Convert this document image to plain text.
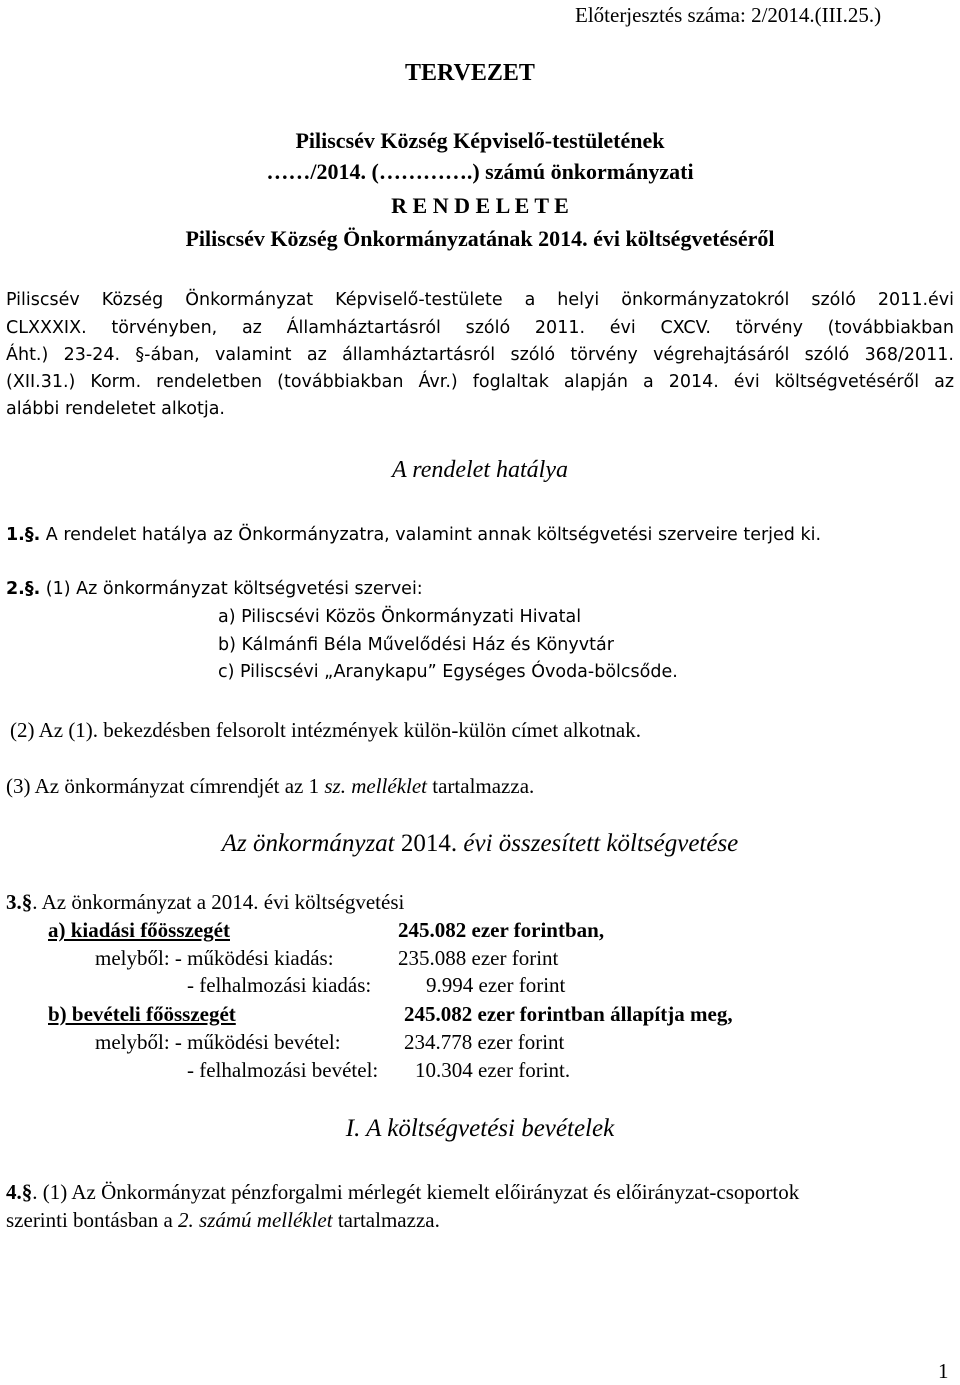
Előterjesztés száma: 2/2014.(III.25.)
TERVEZET
Piliscsév Község Képviselő-testületének
……/2014. (………….) számú önkormányzati
R E N D E L E T E
Piliscsév Község Önkormányzatának 2014. évi költségvetéséről
Piliscsév Község Önkormányzat Képviselő-testülete a helyi önkormányzatokról szóló 2011.évi
CLXXXIX. törvényben, az Államháztartásról szóló 2011. évi CXCV. törvény (továbbiakban
Áht.) 23-24. §-ában, valamint az államháztartásról szóló törvény végrehajtásáról szóló 368/2011.
(XII.31.) Korm. rendeletben (továbbiakban Ávr.) foglaltak alapján a 2014. évi költségvetéséről az
alábbi rendeletet alkotja.
A rendelet hatálya
1.§. A rendelet hatálya az Önkormányzatra, valamint annak költségvetési szerveire terjed ki.
2.§. (1) Az önkormányzat költségvetési szervei:
a) Piliscsévi Közös Önkormányzati Hivatal
b) Kálmánfi Béla Művelődési Ház és Könyvtár
c) Piliscsévi „Aranykapu” Egységes Óvoda-bölcsőde.
(2) Az (1). bekezdésben felsorolt intézmények külön-külön címet alkotnak.
(3) Az önkormányzat címrendjét az 1 sz. melléklet tartalmazza.
Az önkormányzat 2014. évi összesített költségvetése
3.§. Az önkormányzat a 2014. évi költségvetési
a) kiadási főösszegét	245.082 ezer forintban,
melyből: - működési kiadás:	235.088 ezer forint
- felhalmozási kiadás:	9.994 ezer forint
b) bevételi főösszegét	245.082 ezer forintban állapítja meg,
melyből: - működési bevétel:	234.778 ezer forint
- felhalmozási bevétel: 10.304 ezer forint.
I. A költségvetési bevételek
4.§. (1) Az Önkormányzat pénzforgalmi mérlegét kiemelt előirányzat és előirányzat-csoportok
szerinti bontásban a 2. számú melléklet tartalmazza.
1
